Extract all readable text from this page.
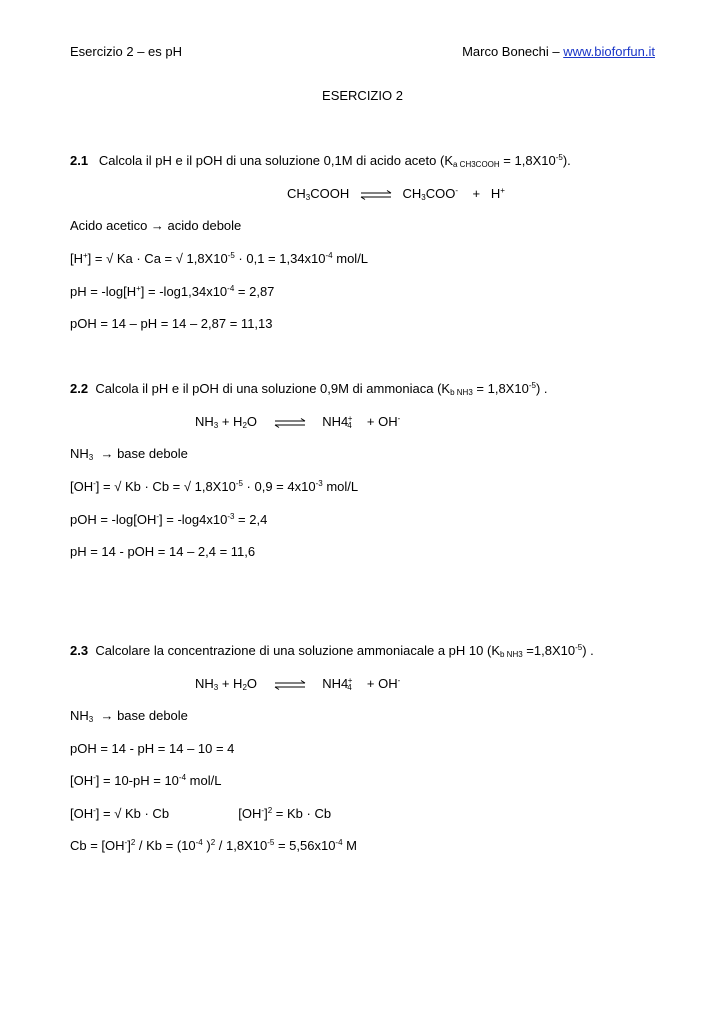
Esercizio 2 – es pH	Marco Bonechi – www.bioforfun.it
ESERCIZIO 2
2.1 Calcola il pH e il pOH di una soluzione 0,1M di acido aceto $(K_{a CH3COOH} = 1,8X10^{-5})$.
$CH_3COOH$ ⇌ $CH_3COO^- + H^+$
Acido acetico → acido debole
[H+] = √ Ka · Ca = √ $1,8X10^{-5} \cdot 0,1 = 1,34x10^{-4}$ mol/L
pH = $-\log[H^+] = -\log 1,34x10^{-4} = 2,87$
pOH = 14 – pH = 14 – 2,87 = 11,13
2.2 Calcola il pH e il pOH di una soluzione 0,9M di ammoniaca $(K_{b NH3} = 1,8X10^{-5})$ .
$NH_3 + H_2O$ ⇌ $NH4_4^+ + OH^-$
$NH_3$  → base debole
[OH-] = √ Kb · Cb = √ $1,8X10^{-5} \cdot 0,9 = 4x10^{-3}$ mol/L
pOH = $-\log[OH^-] = -\log 4x10^{-3} = 2,4$
pH = 14 - pOH = 14 – 2,4 = 11,6
2.3 Calcolare la concentrazione di una soluzione ammoniacale a pH 10 $(K_{b NH3} =1,8X10^{-5})$ .
$NH_3 + H_2O$ ⇌ $NH4_4^+ + OH^-$
$NH_3$  → base debole
pOH = 14 - pH = 14 – 10 = 4
$[OH^-] = 10-pH = 10^{-4}$ mol/L
[OH-] = √ Kb · Cb	$[OH^-]^2 = Kb \cdot Cb$
$Cb = [OH^-]^2 / Kb = (10^{-4}$ )$^2 / 1,8X10^{-5} = 5,56x10^{-4}$ M
